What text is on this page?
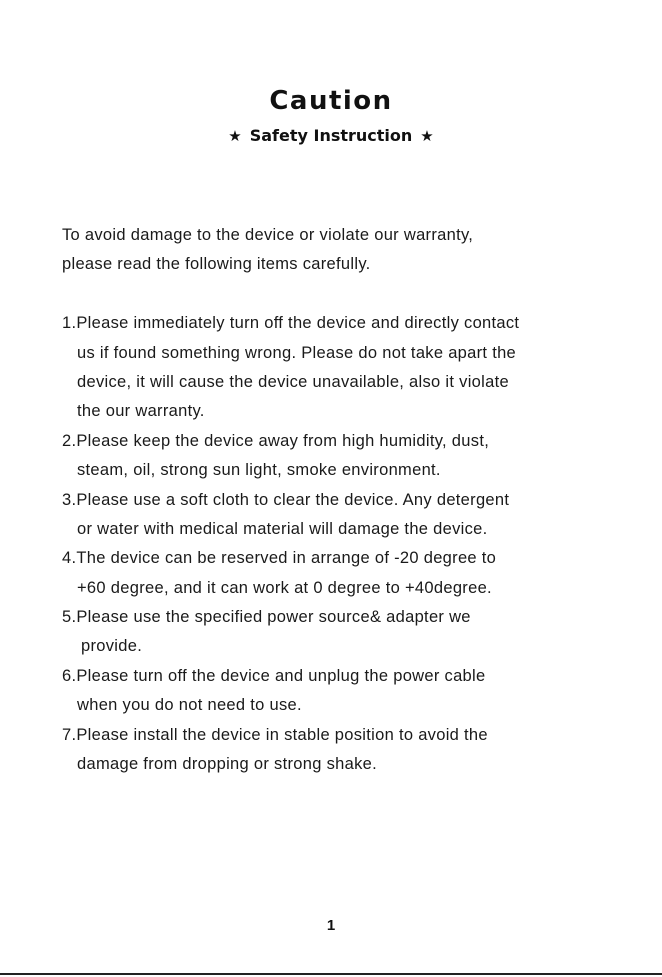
Caution
★ Safety Instruction ★
To avoid damage to the device or violate our warranty,
please read the following items carefully.
1.Please immediately turn off the device and directly contact
us if found something wrong. Please do not take apart the
device, it will cause the device unavailable, also it violate
the our warranty.
2.Please keep the device away from high humidity, dust,
steam, oil, strong sun light, smoke environment.
3.Please use a soft cloth to clear the device. Any detergent
or water with medical material will damage the device.
4.The device can be reserved in arrange of -20 degree to
+60 degree, and it can work at 0 degree to +40degree.
5.Please use the specified power source& adapter we
provide.
6.Please turn off the device and unplug the power cable
when you do not need to use.
7.Please install the device in stable position to avoid the
damage from dropping or strong shake.
1
